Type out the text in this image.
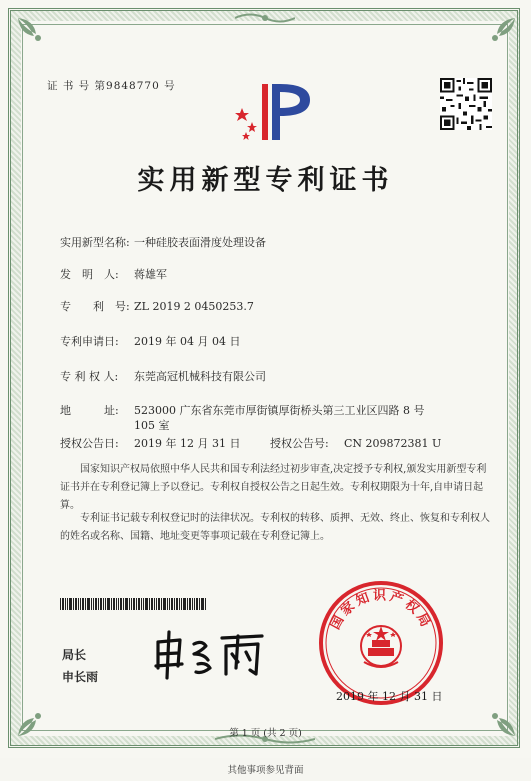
证 书 号 第9848770 号
实用新型专利证书
实用新型名称: 一种硅胶表面滑度处理设备
发　明　人: 蒋雄军
专　　利　号: ZL 2019 2 0450253.7
专利申请日: 2019 年 04 月 04 日
专 利 权 人: 东莞高冠机械科技有限公司
地　　　址: 523000 广东省东莞市厚街镇厚街桥头第三工业区四路 8 号
105 室
授权公告日: 2019 年 12 月 31 日	授权公告号: CN 209872381 U
国家知识产权局依照中华人民共和国专利法经过初步审查,决定授予专利权,颁发实用新型专利证书并在专利登记簿上予以登记。专利权自授权公告之日起生效。专利权期限为十年,自申请日起算。
专利证书记载专利权登记时的法律状况。专利权的转移、质押、无效、终止、恢复和专利权人的姓名或名称、国籍、地址变更等事项记载在专利登记簿上。
局长
申长雨
国家知识产权局
2019 年 12 月 31 日
第 1 页 (共 2 页)
其他事项参见背面
